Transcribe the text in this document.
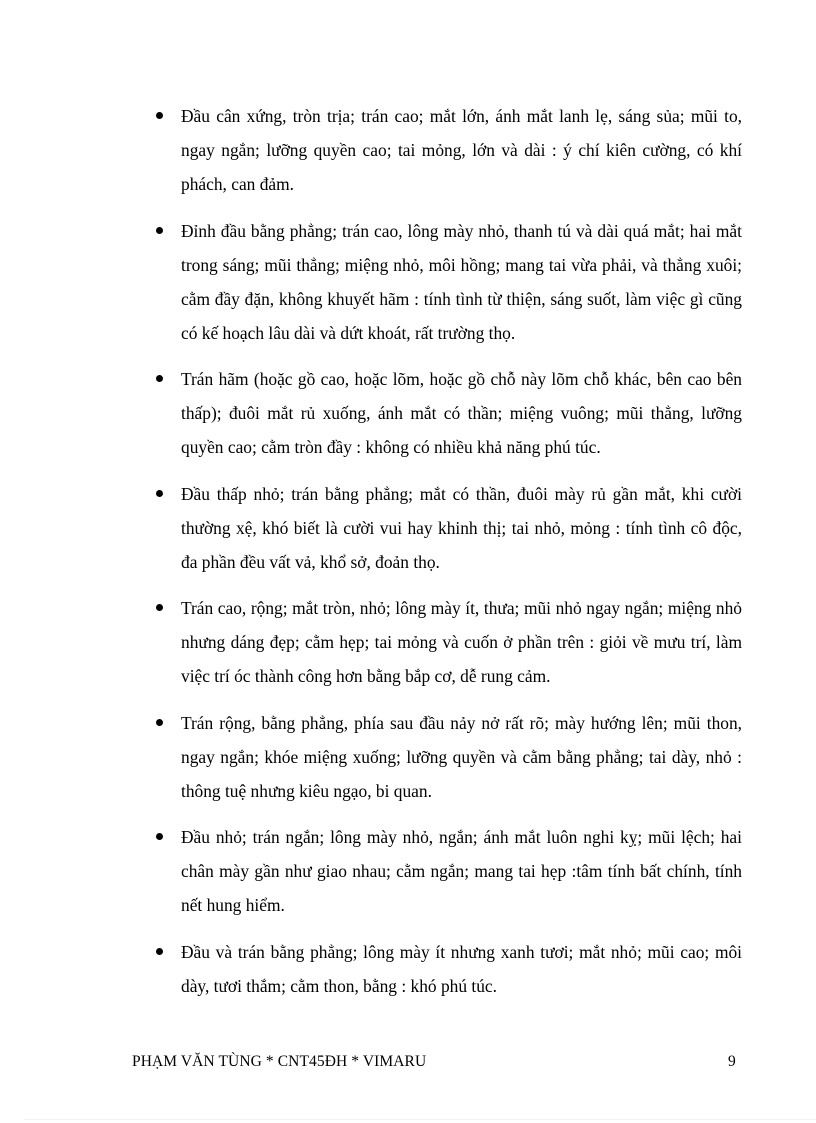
Đầu cân xứng, tròn trịa; trán cao; mắt lớn, ánh mắt lanh lẹ, sáng sủa; mũi to, ngay ngắn; lưỡng quyền cao; tai mỏng, lớn và dài : ý chí kiên cường, có khí phách, can đảm.
Đỉnh đầu bằng phẳng; trán cao, lông mày nhỏ, thanh tú và dài quá mắt; hai mắt trong sáng; mũi thẳng; miệng nhỏ, môi hồng; mang tai vừa phải, và thẳng xuôi; cằm đầy đặn, không khuyết hãm : tính tình từ thiện, sáng suốt, làm việc gì cũng có kế hoạch lâu dài và dứt khoát, rất trường thọ.
Trán hãm (hoặc gồ cao, hoặc lõm, hoặc gồ chỗ này lõm chỗ khác, bên cao bên thấp); đuôi mắt rủ xuống, ánh mắt có thần; miệng vuông; mũi thẳng, lưỡng quyền cao; cằm tròn đầy : không có nhiều khả năng phú túc.
Đầu thấp nhỏ; trán bằng phẳng; mắt có thần, đuôi mày rủ gần mắt, khi cười thường xệ, khó biết là cười vui hay khinh thị; tai nhỏ, mỏng : tính tình cô độc, đa phần đều vất vả, khổ sở, đoản thọ.
Trán cao, rộng; mắt tròn, nhỏ; lông mày ít, thưa; mũi nhỏ ngay ngắn; miệng nhỏ nhưng dáng đẹp; cằm hẹp; tai mỏng và cuốn ở phần trên : giỏi về mưu trí, làm việc trí óc thành công hơn bằng bắp cơ, dễ rung cảm.
Trán rộng, bằng phẳng, phía sau đầu nảy nở rất rõ; mày hướng lên; mũi thon, ngay ngắn; khóe miệng xuống; lưỡng quyền và cằm bằng phẳng; tai dày, nhỏ : thông tuệ nhưng kiêu ngạo, bi quan.
Đầu nhỏ; trán ngắn; lông mày nhỏ, ngắn; ánh mắt luôn nghi kỵ; mũi lệch; hai chân mày gần như giao nhau; cằm ngắn; mang tai hẹp :tâm tính bất chính, tính nết hung hiểm.
Đầu và trán bằng phẳng; lông mày ít nhưng xanh tươi; mắt nhỏ; mũi cao; môi dày, tươi thắm; cằm thon, bằng : khó phú túc.
PHẠM VĂN TÙNG * CNT45ĐH * VIMARU	9
